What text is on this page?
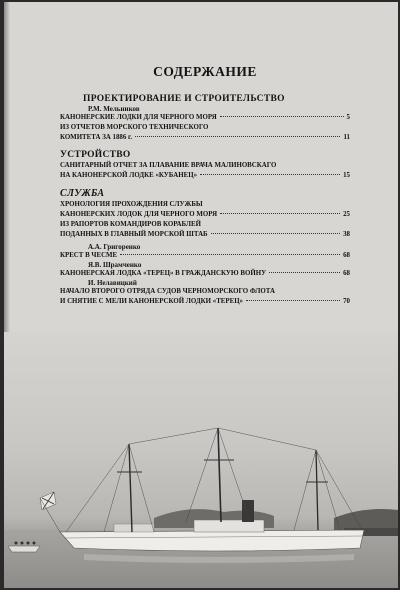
СОДЕРЖАНИЕ
ПРОЕКТИРОВАНИЕ И СТРОИТЕЛЬСТВО
Р.М. Мельников
КАНОНЕРСКИЕ ЛОДКИ ДЛЯ ЧЕРНОГО МОРЯ	5
ИЗ ОТЧЕТОВ МОРСКОГО ТЕХНИЧЕСКОГО
КОМИТЕТА ЗА 1886 г.	11
УСТРОЙСТВО
САНИТАРНЫЙ ОТЧЕТ ЗА ПЛАВАНИЕ ВРАЧА МАЛИНОВСКАГО
НА КАНОНЕРСКОЙ ЛОДКЕ «КУБАНЕЦ»	15
СЛУЖБА
ХРОНОЛОГИЯ ПРОХОЖДЕНИЯ СЛУЖБЫ
КАНОНЕРСКИХ ЛОДОК ДЛЯ ЧЕРНОГО МОРЯ	25
ИЗ РАПОРТОВ КОМАНДИРОВ КОРАБЛЕЙ
ПОДАННЫХ В ГЛАВНЫЙ МОРСКОЙ ШТАБ	38
А.А. Григоренко
КРЕСТ В ЧЕСМЕ	68
Я.В. Шрамченко
КАНОНЕРСКАЯ ЛОДКА «ТЕРЕЦ» В ГРАЖДАНСКУЮ ВОЙНУ	68
И. Нелавицкий
НАЧАЛО ВТОРОГО ОТРЯДА СУДОВ ЧЕРНОМОРСКОГО ФЛОТА
И СНЯТИЕ С МЕЛИ КАНОНЕРСКОЙ ЛОДКИ «ТЕРЕЦ»	70
